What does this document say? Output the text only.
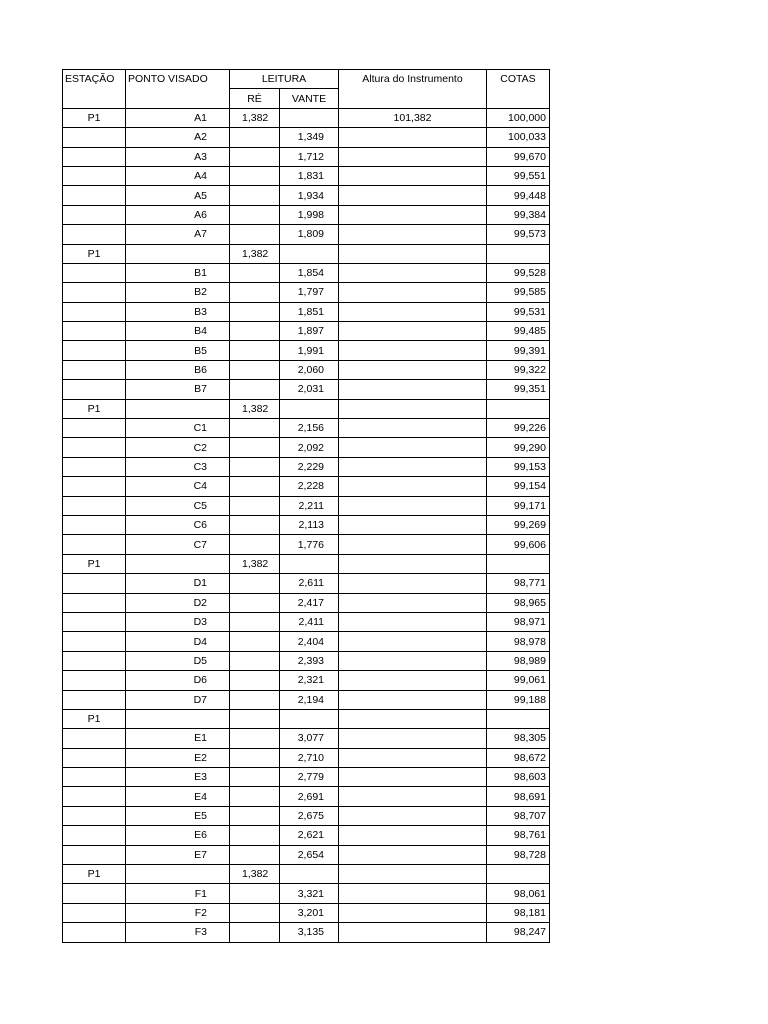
ESTAÇÃO	PONTO VISADO	LEITURA		Altura do Instrumento	COTAS
		RÉ	VANTE		
P1	A1	1,382		101,382	100,000
	A2		1,349		100,033
	A3		1,712		99,670
	A4		1,831		99,551
	A5		1,934		99,448
	A6		1,998		99,384
	A7		1,809		99,573
P1		1,382			
	B1		1,854		99,528
	B2		1,797		99,585
	B3		1,851		99,531
	B4		1,897		99,485
	B5		1,991		99,391
	B6		2,060		99,322
	B7		2,031		99,351
P1		1,382			
	C1		2,156		99,226
	C2		2,092		99,290
	C3		2,229		99,153
	C4		2,228		99,154
	C5		2,211		99,171
	C6		2,113		99,269
	C7		1,776		99,606
P1		1,382			
	D1		2,611		98,771
	D2		2,417		98,965
	D3		2,411		98,971
	D4		2,404		98,978
	D5		2,393		98,989
	D6		2,321		99,061
	D7		2,194		99,188
P1					
	E1		3,077		98,305
	E2		2,710		98,672
	E3		2,779		98,603
	E4		2,691		98,691
	E5		2,675		98,707
	E6		2,621		98,761
	E7		2,654		98,728
P1		1,382			
	F1		3,321		98,061
	F2		3,201		98,181
	F3		3,135		98,247
